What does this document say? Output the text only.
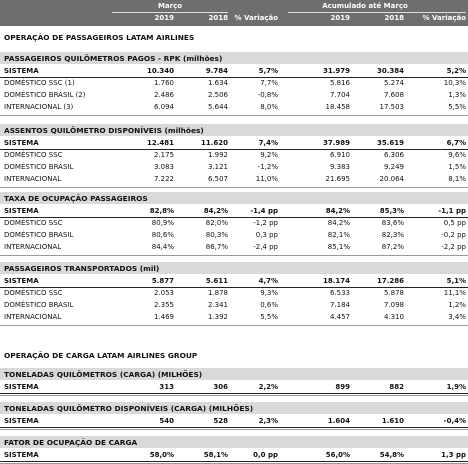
Março	Acumulado até Março
2019	2018 % Variação	2019	2018	% Variação
OPERAÇÃO DE PASSAGEIROS LATAM AIRLINES
PASSAGEIROS QUILÔMETROS PAGOS - RPK (milhões)
SISTEMA	10.340	9.784	5,7%	31.979	30.384	5,2%
DOMÉSTICO SSC (1)	1.760	1.634	7,7%	5.816	5.274	10,3%
DOMÉSTICO BRASIL (2)	2.486	2.506	-0,8%	7.704	7.608	1,3%
INTERNACIONAL (3)	6.094	5.644	8,0%	18.458	17.503	5,5%
ASSENTOS QUILÔMETRO DISPONÍVEIS (milhões)
SISTEMA	12.481	11.620	7,4%	37.989	35.619	6,7%
DOMÉSTICO SSC	2.175	1.992	9,2%	6.910	6.306	9,6%
DOMÉSTICO BRASIL	3.083	3.121	-1,2%	9.383	9.249	1,5%
INTERNACIONAL	7.222	6.507	11,0%	21.695	20.064	8,1%
TAXA DE OCUPAÇÃO PASSAGEIROS
SISTEMA	82,8%	84,2%	-1,4 pp	84,2%	85,3%	-1,1 pp
DOMÉSTICO SSC	80,9%	82,0%	-1,2 pp	84,2%	83,6%	0,5 pp
DOMÉSTICO BRASIL	80,6%	80,3%	0,3 pp	82,1%	82,3%	-0,2 pp
INTERNACIONAL	84,4%	86,7%	-2,4 pp	85,1%	87,2%	-2,2 pp
PASSAGEIROS TRANSPORTADOS (mil)
SISTEMA	5.877	5.611	4,7%	18.174	17.286	5,1%
DOMÉSTICO SSC	2.053	1.878	9,3%	6.533	5.878	11,1%
DOMÉSTICO BRASIL	2.355	2.341	0,6%	7.184	7.098	1,2%
INTERNACIONAL	1.469	1.392	5,5%	4.457	4.310	3,4%
TONELADAS QUILÔMETROS (CARGA) (MILHÕES)
SISTEMA	313	306	2,2%	899	882	1,9%
TONELADAS QUILÔMETRO DISPONÍVEIS (CARGA) (MILHÕES)
SISTEMA	540	528	2,3%	1.604	1.610	-0,4%
FATOR DE OCUPAÇÃO DE CARGA
SISTEMA	58,0%	58,1%	0,0 pp	56,0%	54,8%	1,3 pp
OPERAÇÃO DE CARGA LATAM AIRLINES GROUP
